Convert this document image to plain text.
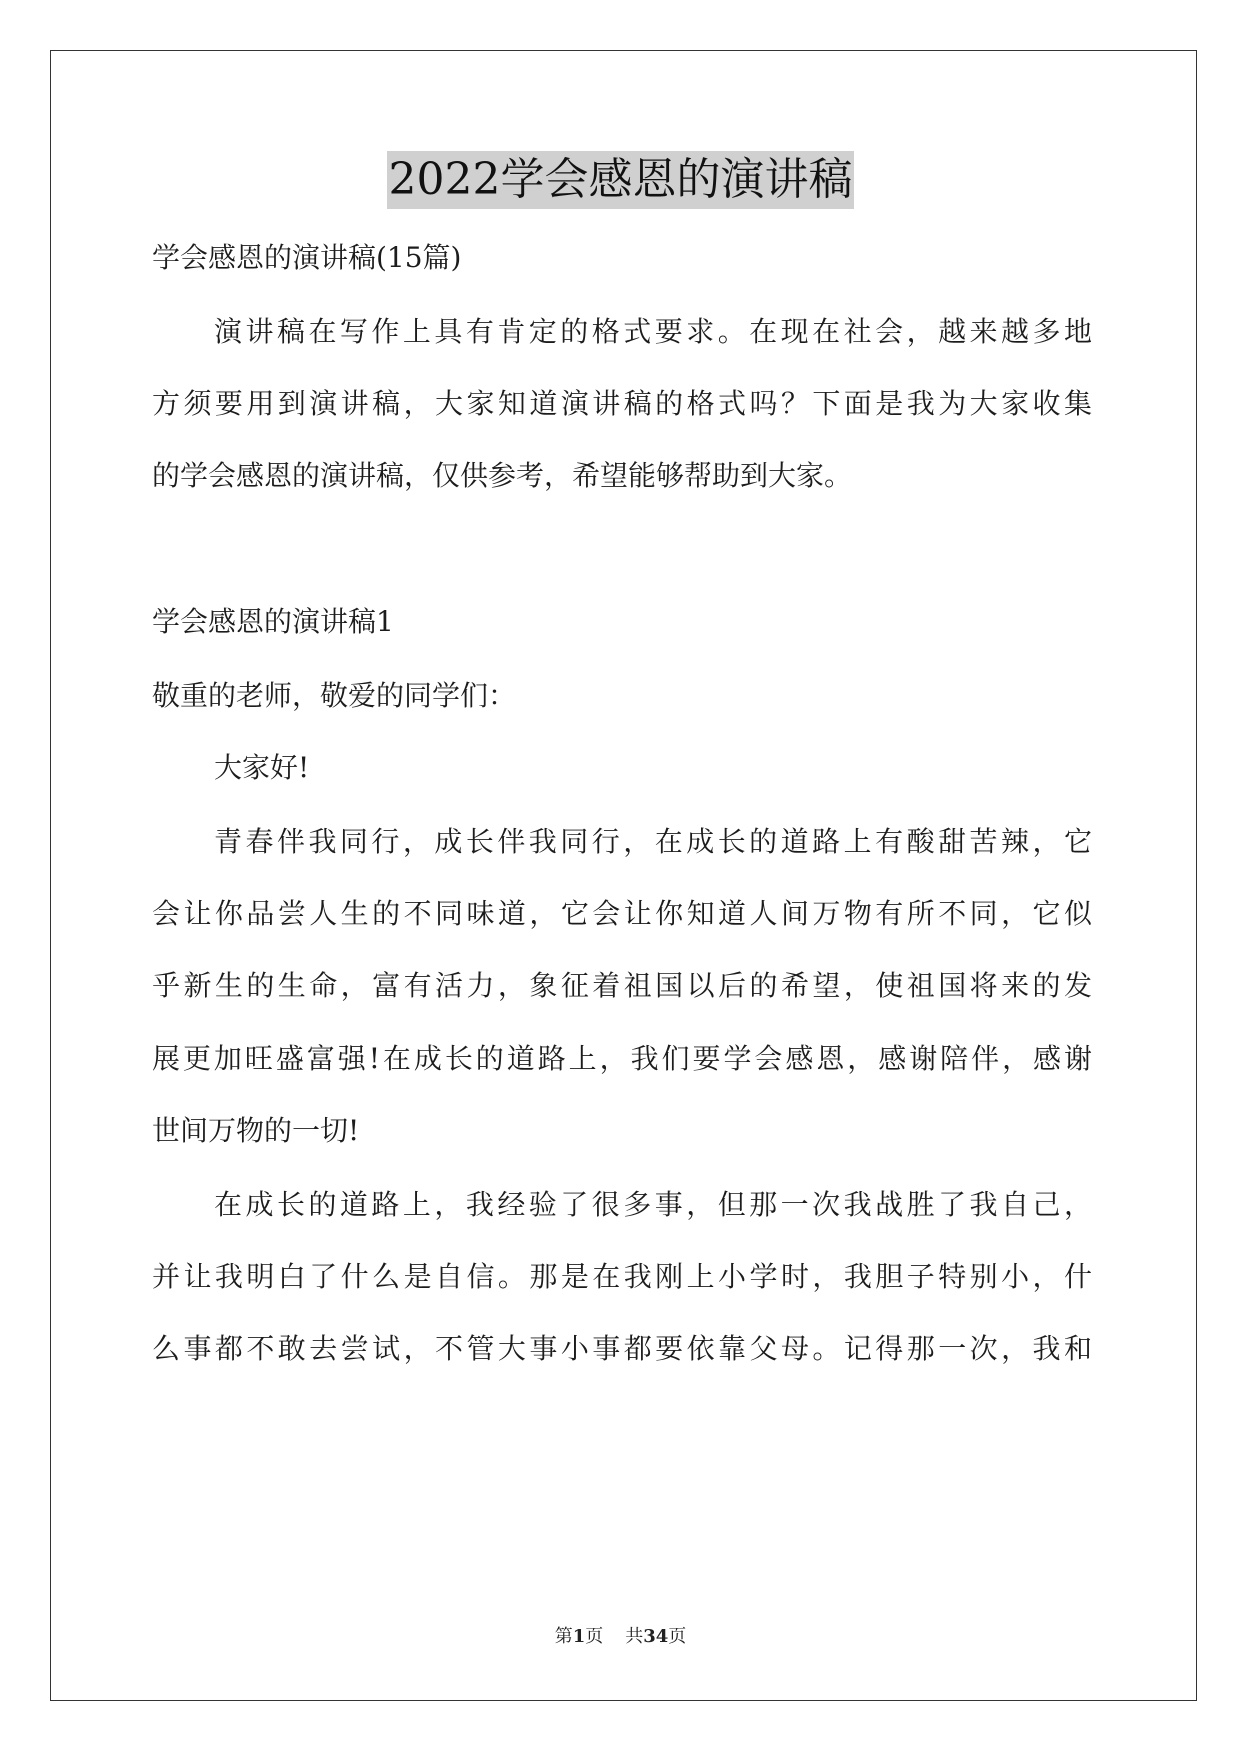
2022学会感恩的演讲稿
学会感恩的演讲稿(15篇)
演讲稿在写作上具有肯定的格式要求。在现在社会，越来越多地
方须要用到演讲稿，大家知道演讲稿的格式吗？下面是我为大家收集
的学会感恩的演讲稿，仅供参考，希望能够帮助到大家。
学会感恩的演讲稿1
敬重的老师，敬爱的同学们：
大家好!
青春伴我同行，成长伴我同行，在成长的道路上有酸甜苦辣，它
会让你品尝人生的不同味道，它会让你知道人间万物有所不同，它似
乎新生的生命，富有活力，象征着祖国以后的希望，使祖国将来的发
展更加旺盛富强!在成长的道路上，我们要学会感恩，感谢陪伴，感谢
世间万物的一切!
在成长的道路上，我经验了很多事，但那一次我战胜了我自己，
并让我明白了什么是自信。那是在我刚上小学时，我胆子特别小，什
么事都不敢去尝试，不管大事小事都要依靠父母。记得那一次，我和
第1页 共34页
